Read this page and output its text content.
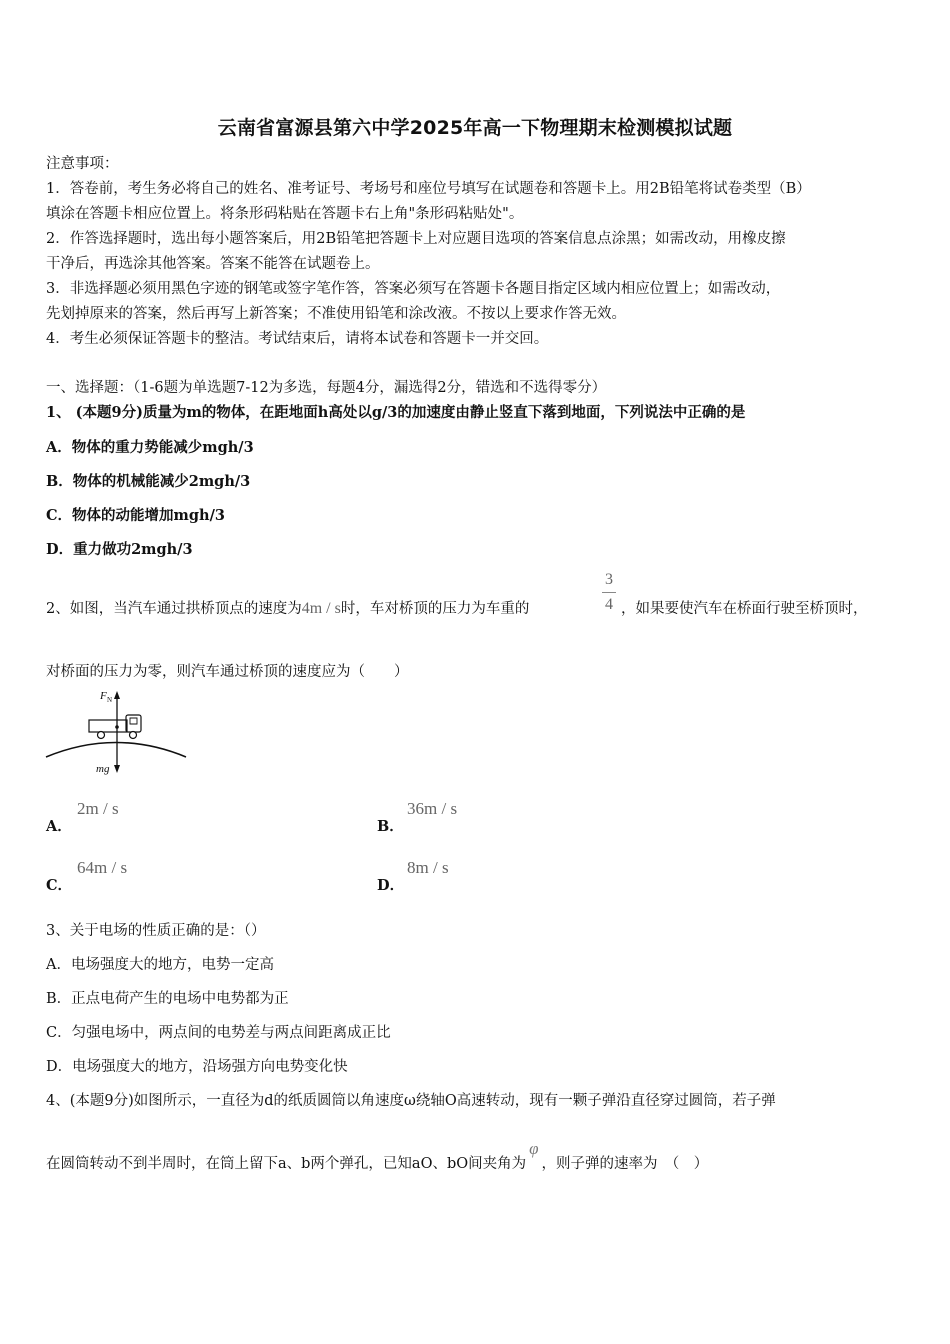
云南省富源县第六中学2025年高一下物理期末检测模拟试题
注意事项：
1．答卷前，考生务必将自己的姓名、准考证号、考场号和座位号填写在试题卷和答题卡上。用2B铅笔将试卷类型（B）
填涂在答题卡相应位置上。将条形码粘贴在答题卡右上角"条形码粘贴处"。
2．作答选择题时，选出每小题答案后，用2B铅笔把答题卡上对应题目选项的答案信息点涂黑；如需改动，用橡皮擦
干净后，再选涂其他答案。答案不能答在试题卷上。
3．非选择题必须用黑色字迹的钢笔或签字笔作答，答案必须写在答题卡各题目指定区域内相应位置上；如需改动，
先划掉原来的答案，然后再写上新答案；不准使用铅笔和涂改液。不按以上要求作答无效。
4．考生必须保证答题卡的整洁。考试结束后，请将本试卷和答题卡一并交回。
一、选择题：（1-6题为单选题7-12为多选，每题4分，漏选得2分，错选和不选得零分）
1、 (本题9分)质量为m的物体，在距地面h高处以g/3的加速度由静止竖直下落到地面，下列说法中正确的是
A．物体的重力势能减少mgh/3
B．物体的机械能减少2mgh/3
C．物体的动能增加mgh/3
D．重力做功2mgh/3
2、如图，当汽车通过拱桥顶点的速度为4m / s时，车对桥顶的压力为车重的
3
4 ，如果要使汽车在桥面行驶至桥顶时，
对桥面的压力为零，则汽车通过桥顶的速度应为（　　）
F N
mg
A．
2m / s
B．
36m / s
C．
64m / s
D．
8m / s
3、关于电场的性质正确的是：（）
A．电场强度大的地方，电势一定高
B．正点电荷产生的电场中电势都为正
C．匀强电场中，两点间的电势差与两点间距离成正比
D．电场强度大的地方，沿场强方向电势变化快
4、(本题9分)如图所示，一直径为d的纸质圆筒以角速度ω绕轴O高速转动，现有一颗子弹沿直径穿过圆筒，若子弹
在圆筒转动不到半周时，在筒上留下a、b两个弹孔，已知aO、bO间夹角为φ，则子弹的速率为　（　）
